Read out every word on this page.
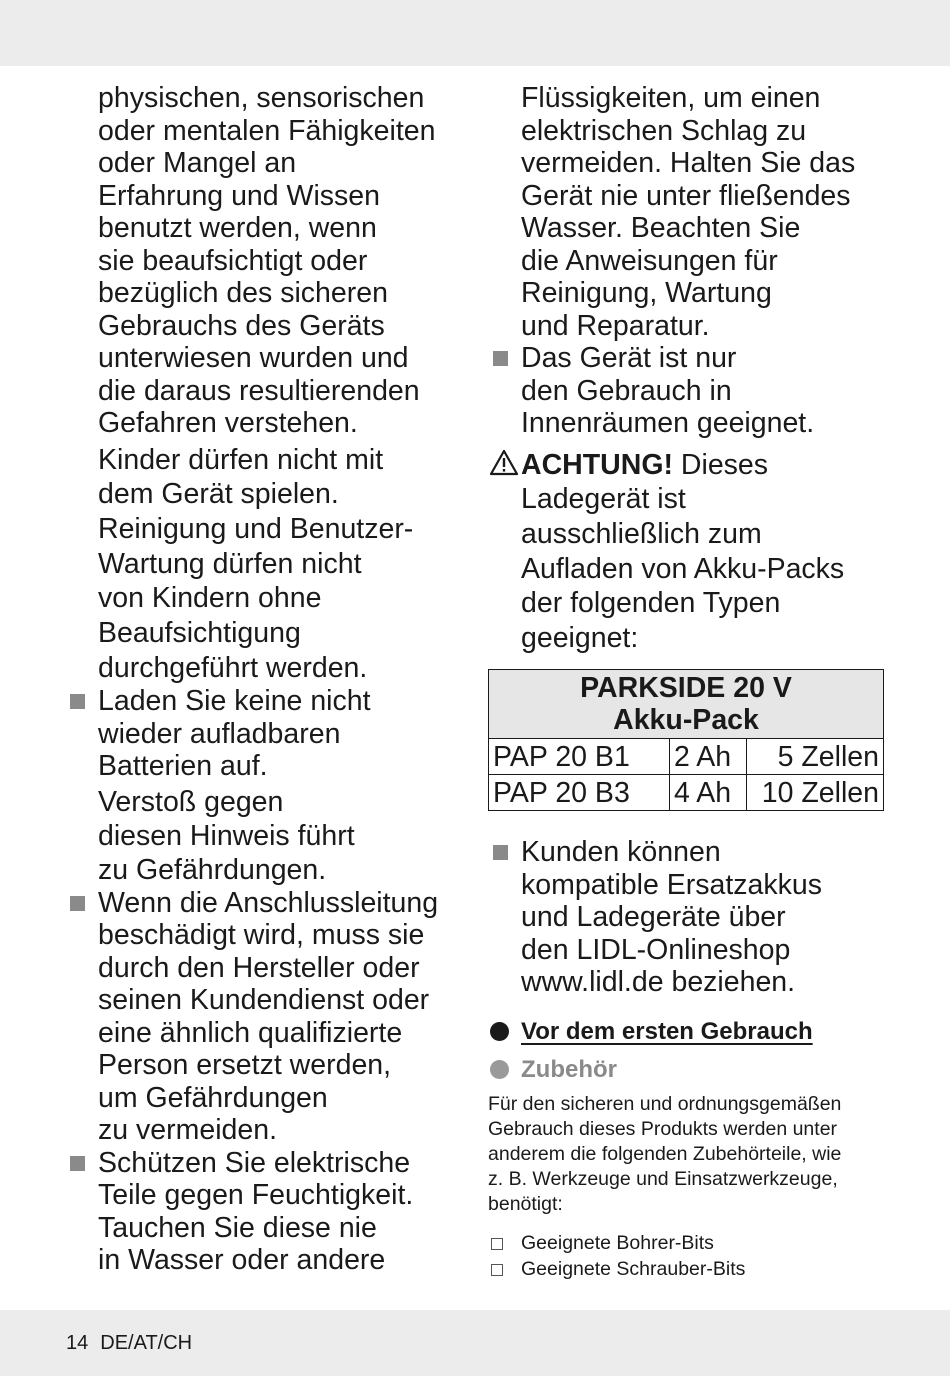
physischen, sensorischen
oder mentalen Fähigkeiten
oder Mangel an
Erfahrung und Wissen
benutzt werden, wenn
sie beaufsichtigt oder
bezüglich des sicheren
Gebrauchs des Geräts
unterwiesen wurden und
die daraus resultierenden
Gefahren verstehen.

Kinder dürfen nicht mit
dem Gerät spielen.

Reinigung und Benutzer-
Wartung dürfen nicht
von Kindern ohne
Beaufsichtigung
durchgeführt werden.

Laden Sie keine nicht
wieder aufladbaren
Batterien auf.

Verstoß gegen
diesen Hinweis führt
zu Gefährdungen.

Wenn die Anschlussleitung
beschädigt wird, muss sie
durch den Hersteller oder
seinen Kundendienst oder
eine ähnlich qualifizierte
Person ersetzt werden,
um Gefährdungen
zu vermeiden.

Schützen Sie elektrische
Teile gegen Feuchtigkeit.
Tauchen Sie diese nie
in Wasser oder andere

Flüssigkeiten, um einen
elektrischen Schlag zu
vermeiden. Halten Sie das
Gerät nie unter fließendes
Wasser. Beachten Sie
die Anweisungen für
Reinigung, Wartung
und Reparatur.

Das Gerät ist nur
den Gebrauch in
Innenräumen geeignet.

ACHTUNG! Dieses
Ladegerät ist
ausschließlich zum
Aufladen von Akku-Packs
der folgenden Typen
geeignet:
PARKSIDE 20 V
Akku-Pack		
PAP 20 B1	2 Ah	5 Zellen
PAP 20 B3	4 Ah	10 Zellen

Kunden können
kompatible Ersatzakkus
und Ladegeräte über
den LIDL-Onlineshop
www.lidl.de beziehen.

Vor dem ersten Gebrauch
Zubehör

Für den sicheren und ordnungsgemäßen
Gebrauch dieses Produkts werden unter
anderem die folgenden Zubehörteile, wie
z. B. Werkzeuge und Einsatzwerkzeuge,
benötigt:

Geeignete Bohrer-Bits
Geeignete Schrauber-Bits
14 DE/AT/CH
